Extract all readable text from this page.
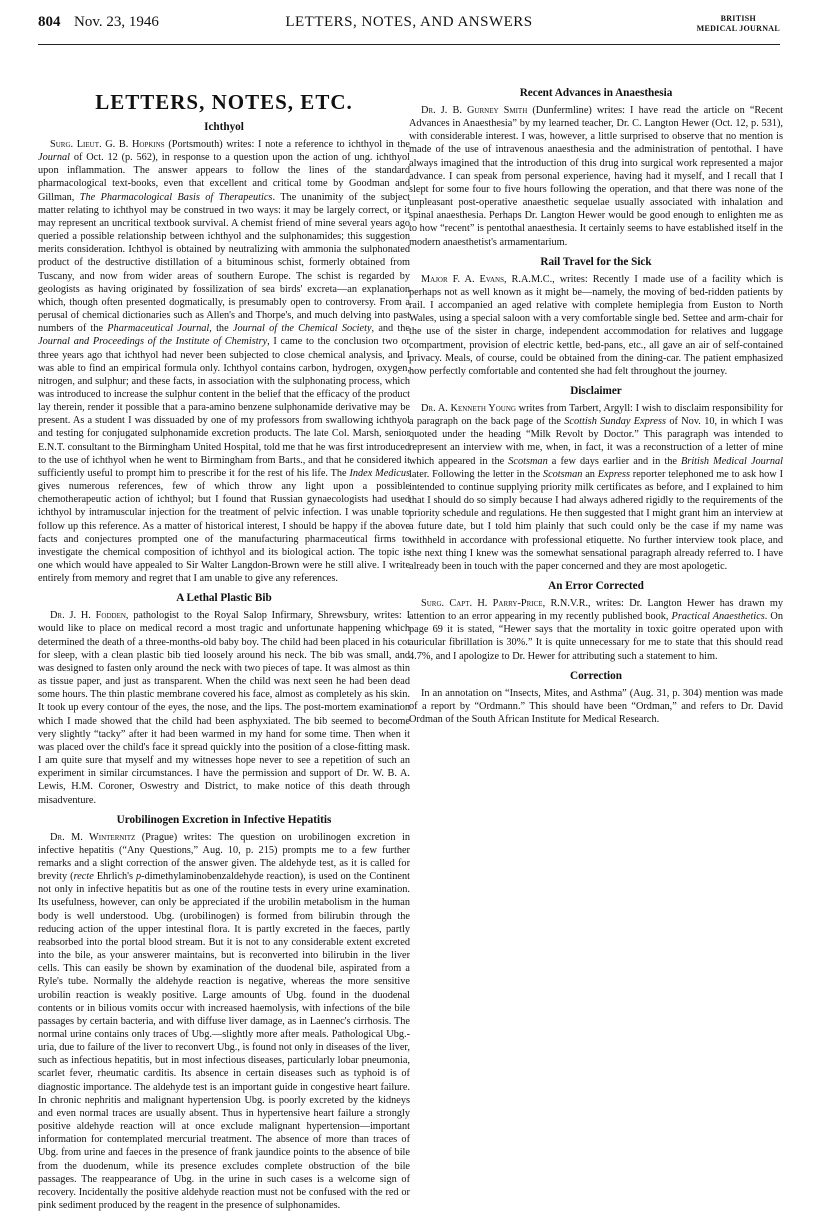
804 Nov. 23, 1946	LETTERS, NOTES, AND ANSWERS	BRITISH
MEDICAL JOURNAL
LETTERS, NOTES, ETC.
Ichthyol

Surg. Lieut. G. B. Hopkins (Portsmouth) writes: I note a reference to ichthyol in the Journal of Oct. 12 (p. 562), in response to a question upon the action of ung. ichthyol upon inflammation. The answer appears to follow the lines of the standard pharmacological text-books, even that excellent and critical tome by Goodman and Gillman, The Pharmacological Basis of Therapeutics. The unanimity of the subject matter relating to ichthyol may be construed in two ways: it may be largely correct, or it may represent an uncritical textbook survival. A chemist friend of mine several years ago queried a possible relationship between ichthyol and the sulphonamides; this suggestion merits consideration. Ichthyol is obtained by neutralizing with ammonia the sulphonated product of the destructive distillation of a bituminous schist, formerly obtained from Tuscany, and now from wider areas of southern Europe. The schist is regarded by geologists as having originated by fossilization of sea birds' excreta—an explanation which, though often presented dogmatically, is presumably open to controversy. From a perusal of chemical dictionaries such as Allen's and Thorpe's, and much delving into past numbers of the Pharmaceutical Journal, the Journal of the Chemical Society, and the Journal and Proceedings of the Institute of Chemistry, I came to the conclusion two or three years ago that ichthyol had never been subjected to close chemical analysis, and I was able to find an empirical formula only. Ichthyol contains carbon, hydrogen, oxygen, nitrogen, and sulphur; and these facts, in association with the sulphonating process, which was introduced to increase the sulphur content in the belief that the efficacy of the product lay therein, render it possible that a para-amino benzene sulphonamide derivative may be present. As a student I was dissuaded by one of my professors from swallowing ichthyol and testing for conjugated sulphonamide excretion products. The late Col. Marsh, senior E.N.T. consultant to the Birmingham United Hospital, told me that he was first introduced to the use of ichthyol when he went to Birmingham from Barts., and that he considered it sufficiently useful to prompt him to prescribe it for the rest of his life. The Index Medicus gives numerous references, few of which throw any light upon a possible chemotherapeutic action of ichthyol; but I found that Russian gynaecologists had used ichthyol by intramuscular injection for the treatment of pelvic infection. I was unable to follow up this reference. As a matter of historical interest, I should be happy if the above facts and conjectures prompted one of the manufacturing pharmaceutical firms to investigate the chemical composition of ichthyol and its biological action. The topic is one which would have appealed to Sir Walter Langdon-Brown were he still alive. I write entirely from memory and regret that I am unable to give any references.

A Lethal Plastic Bib

Dr. J. H. Fodden, pathologist to the Royal Salop Infirmary, Shrewsbury, writes: I would like to place on medical record a most tragic and unfortunate happening which determined the death of a three-months-old baby boy. The child had been placed in his cot for sleep, with a clean plastic bib tied loosely around his neck. The bib was small, and was designed to fasten only around the neck with two pieces of tape. It was almost as thin as tissue paper, and just as transparent. When the child was next seen he had been dead some hours. The thin plastic membrane covered his face, almost as completely as his skin. It took up every contour of the eyes, the nose, and the lips. The post-mortem examination which I made showed that the child had been asphyxiated. The bib seemed to become very slightly “tacky” after it had been warmed in my hand for some time. Then when it was placed over the child's face it spread quickly into the position of a close-fitting mask. I am quite sure that myself and my witnesses hope never to see a repetition of such an experiment in similar circumstances. I have the permission and support of Dr. W. B. A. Lewis, H.M. Coroner, Oswestry and District, to make notice of this death through misadventure.

Urobilinogen Excretion in Infective Hepatitis

Dr. M. Winternitz (Prague) writes: The question on urobilinogen excretion in infective hepatitis (“Any Questions,” Aug. 10, p. 215) prompts me to a few further remarks and a slight correction of the answer given. The aldehyde test, as it is called for brevity (recte Ehrlich's p-dimethylaminobenzaldehyde reaction), is used on the Continent not only in infective hepatitis but as one of the routine tests in every urine examination. Its usefulness, however, can only be appreciated if the urobilin metabolism in the human body is well understood. Ubg. (urobilinogen) is formed from bilirubin through the reducing action of the upper intestinal flora. It is partly excreted in the faeces, partly reabsorbed into the portal blood stream. But it is not to any considerable extent excreted into the bile, as your answerer maintains, but is reconverted into bilirubin in the liver cells. This can easily be shown by examination of the duodenal bile, aspirated from a Ryle's tube. Normally the aldehyde reaction is negative, whereas the more sensitive urobilin reaction is weakly positive. Large amounts of Ubg. found in the duodenal contents or in bilious vomits occur with increased haemolysis, with infections of the bile passages by certain bacteria, and with diffuse liver damage, as in Laennec's cirrhosis. The normal urine contains only traces of Ubg.—slightly more after meals. Pathological Ubg.-uria, due to failure of the liver to reconvert Ubg., is found not only in diseases of the liver, such as infectious hepatitis, but in most infectious diseases, particularly lobar pneumonia, scarlet fever, rheumatic carditis. Its absence in certain diseases such as typhoid is of diagnostic importance. The aldehyde test is an important guide in congestive heart failure. In chronic nephritis and malignant hypertension Ubg. is poorly excreted by the kidneys and even normal traces are usually absent. Thus in hypertensive heart failure a strongly positive aldehyde reaction will at once exclude malignant hypertension—important information for contemplated mercurial treatment. The absence of more than traces of Ubg. from urine and faeces in the presence of frank jaundice points to the absence of bile from the duodenum, while its presence excludes complete obstruction of the bile passages. The reappearance of Ubg. in the urine in such cases is a welcome sign of recovery. Incidentally the positive aldehyde reaction must not be confused with the red or pink sediment produced by the reagent in the presence of sulphonamides.

Recent Advances in Anaesthesia

Dr. J. B. Gurney Smith (Dunfermline) writes: I have read the article on “Recent Advances in Anaesthesia” by my learned teacher, Dr. C. Langton Hewer (Oct. 12, p. 531), with considerable interest. I was, however, a little surprised to observe that no mention is made of the use of intravenous anaesthesia and the administration of pentothal. I have always imagined that the introduction of this drug into surgical work represented a major advance. I can speak from personal experience, having had it myself, and I recall that I slept for some four to five hours following the operation, and that there was none of the unpleasant post-operative anaesthetic sequelae usually associated with inhalation and spinal anaesthesia. Perhaps Dr. Langton Hewer would be good enough to enlighten me as to how “recent” is pentothal anaesthesia. It certainly seems to have established itself in the modern anaesthetist's armamentarium.

Rail Travel for the Sick

Major F. A. Evans, R.A.M.C., writes: Recently I made use of a facility which is perhaps not as well known as it might be—namely, the moving of bed-ridden patients by rail. I accompanied an aged relative with complete hemiplegia from Euston to North Wales, using a special saloon with a very comfortable single bed. Settee and arm-chair for the use of the sister in charge, independent accommodation for relatives and luggage compartment, provision of electric kettle, bed-pans, etc., all gave an air of self-contained privacy. Meals, of course, could be obtained from the dining-car. The patient emphasized how perfectly comfortable and contented she had felt throughout the journey.

Disclaimer

Dr. A. Kenneth Young writes from Tarbert, Argyll: I wish to disclaim responsibility for a paragraph on the back page of the Scottish Sunday Express of Nov. 10, in which I was quoted under the heading “Milk Revolt by Doctor.” This paragraph was intended to represent an interview with me, when, in fact, it was a reconstruction of a letter of mine which appeared in the Scotsman a few days earlier and in the British Medical Journal later. Following the letter in the Scotsman an Express reporter telephoned me to ask how I intended to continue supplying priority milk certificates as before, and I explained to him that I should do so simply because I had always adhered rigidly to the requirements of the priority schedule and regulations. He then suggested that I might grant him an interview at a future date, but I told him plainly that such could only be the case if my name was withheld in accordance with professional etiquette. No further interview took place, and the next thing I knew was the somewhat sensational paragraph already referred to. I have already been in touch with the paper concerned and they are most apologetic.

An Error Corrected

Surg. Capt. H. Parry-Price, R.N.V.R., writes: Dr. Langton Hewer has drawn my attention to an error appearing in my recently published book, Practical Anaesthetics. On page 69 it is stated, “Hewer says that the mortality in toxic goitre operated upon with auricular fibrillation is 30%.” It is quite unnecessary for me to state that this should read 4.7%, and I apologize to Dr. Hewer for attributing such a statement to him.

Correction

In an annotation on “Insects, Mites, and Asthma” (Aug. 31, p. 304) mention was made of a report by “Ordmann.” This should have been “Ordman,” and refers to Dr. David Ordman of the South African Institute for Medical Research.
